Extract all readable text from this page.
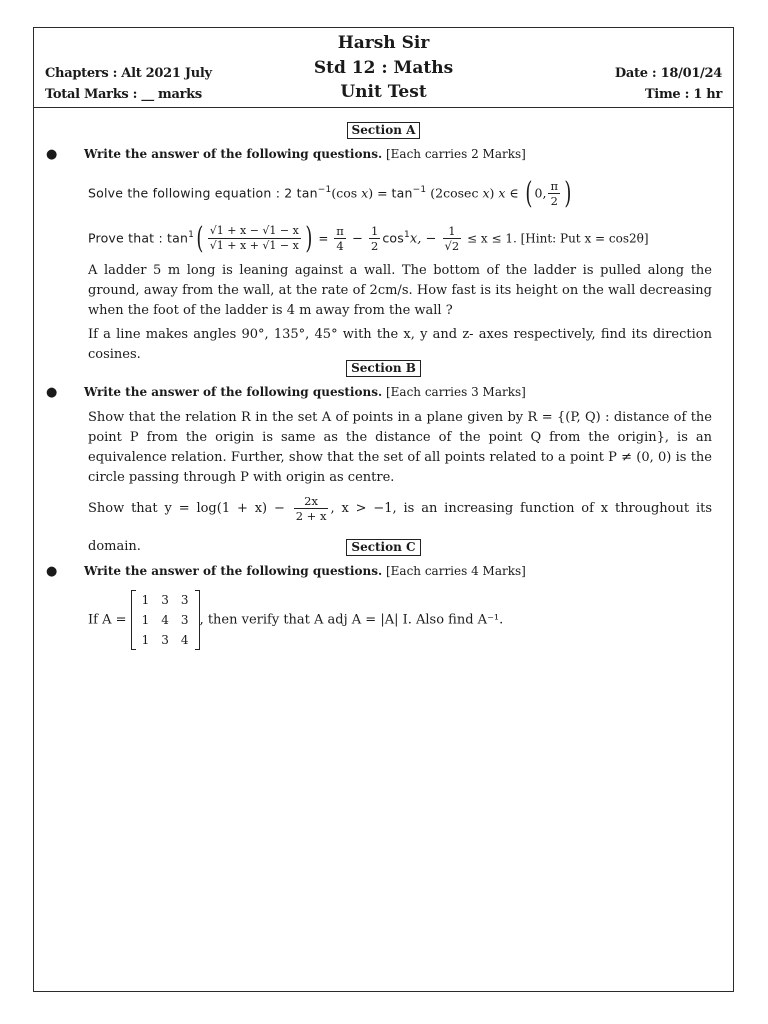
Harsh Sir
Std 12 : Maths
Unit Test
Chapters : Alt 2021 July
Total Marks : __ marks
Date : 18/01/24
Time : 1 hr
Section A
● Write the answer of the following questions. [Each carries 2 Marks]
Solve the following equation : 2 $\tan^{-1}(\cos$ $x) = \tan^{-1} (2cosec$ x) x ∈ ( 0, $\frac{\pi}{2}$ )
Prove that : $\tan^1( \frac{√1 + x - √1 - x}{√1 + x + √1 - x}$ ) = $\frac{\pi}{4} - \frac{1}{2} \cos^1x$, − $\frac{1}{√2} \le x \le 1$. [Hint: Put x = cos2θ]
A ladder 5 m long is leaning against a wall. The bottom of the ladder is pulled along the ground, away from the wall, at the rate of 2cm/s. How fast is its height on the wall decreasing when the foot of the ladder is 4 m away from the wall ?
If a line makes angles 90°, 135°, 45° with the x, y and z- axes respectively, find its direction cosines.
Section B
● Write the answer of the following questions. [Each carries 3 Marks]
Show that the relation R in the set A of points in a plane given by R = {(P, Q) : distance of the point P from the origin is same as the distance of the point Q from the origin}, is an equivalence relation. Further, show that the set of all points related to a point P ≠ (0, 0) is the circle passing through P with origin as centre.
Show that $y = \log(1 + x) - \frac{2x}{2 + x}$ , x > −1, is an increasing function of x throughout its domain.	Section C
● Write the answer of the following questions. [Each carries 4 Marks]
If A =
1	3	3
1	4	3
1	3	4
, then verify that A adj A = |A| I. Also find A⁻¹.
